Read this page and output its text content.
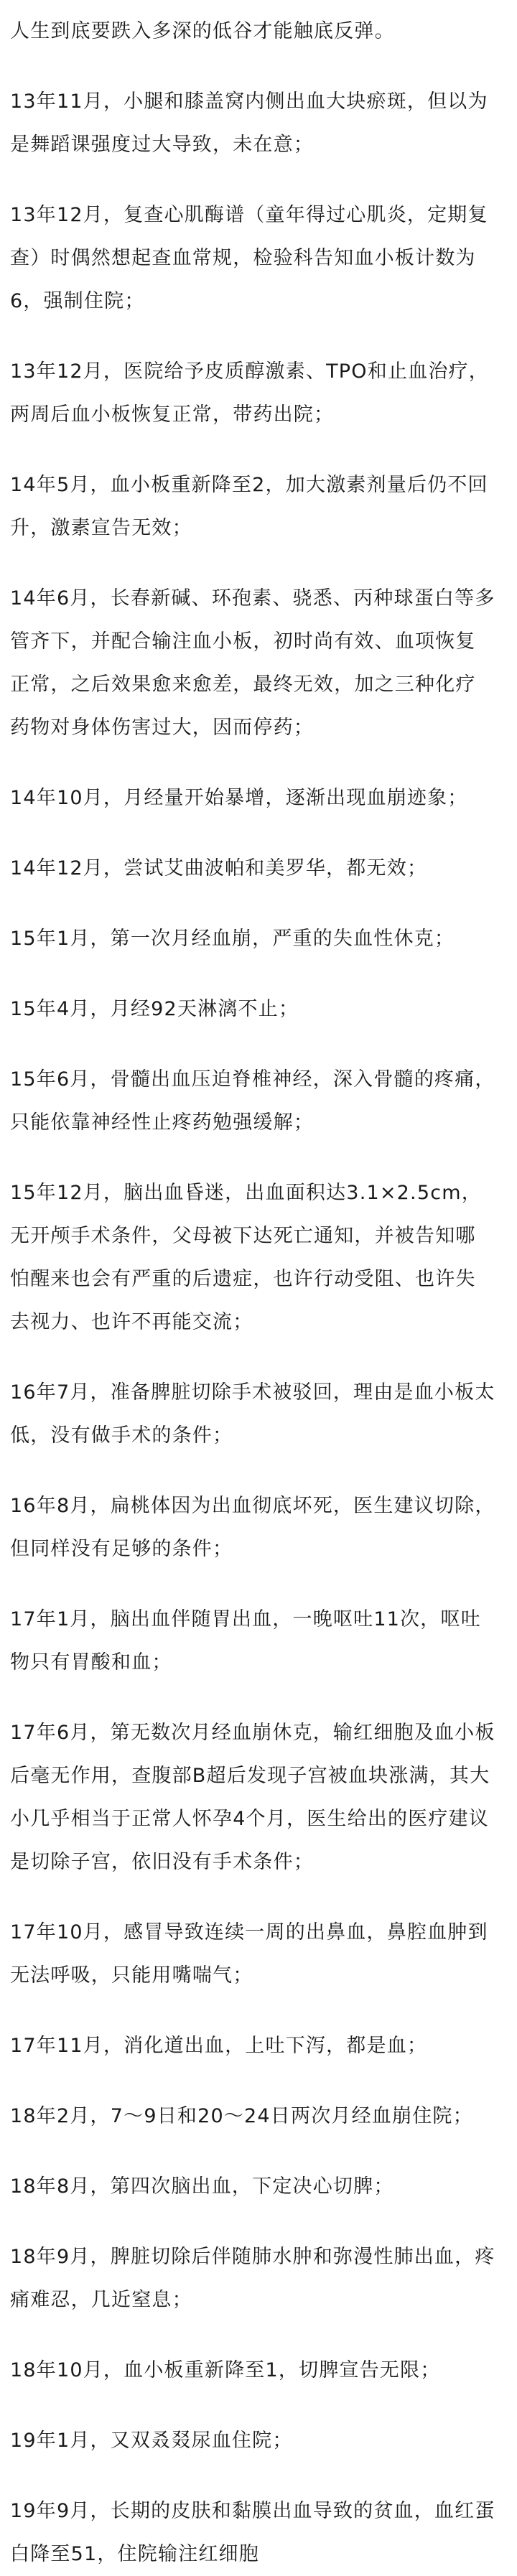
人生到底要跌入多深的低谷才能触底反弹。

13年11月，小腿和膝盖窝内侧出血大块瘀斑，但以为是舞蹈课强度过大导致，未在意；

13年12月，复查心肌酶谱（童年得过心肌炎，定期复查）时偶然想起查血常规，检验科告知血小板计数为6，强制住院；

13年12月，医院给予皮质醇激素、TPO和止血治疗，两周后血小板恢复正常，带药出院；

14年5月，血小板重新降至2，加大激素剂量后仍不回升，激素宣告无效；

14年6月，长春新碱、环孢素、骁悉、丙种球蛋白等多管齐下，并配合输注血小板，初时尚有效、血项恢复正常，之后效果愈来愈差，最终无效，加之三种化疗药物对身体伤害过大，因而停药；

14年10月，月经量开始暴增，逐渐出现血崩迹象；

14年12月，尝试艾曲波帕和美罗华，都无效；

15年1月，第一次月经血崩，严重的失血性休克；

15年4月，月经92天淋漓不止；

15年6月，骨髓出血压迫脊椎神经，深入骨髓的疼痛，只能依靠神经性止疼药勉强缓解；

15年12月，脑出血昏迷，出血面积达3.1×2.5cm，无开颅手术条件，父母被下达死亡通知，并被告知哪怕醒来也会有严重的后遗症，也许行动受阻、也许失去视力、也许不再能交流；

16年7月，准备脾脏切除手术被驳回，理由是血小板太低，没有做手术的条件；

16年8月，扁桃体因为出血彻底坏死，医生建议切除，但同样没有足够的条件；

17年1月，脑出血伴随胃出血，一晚呕吐11次，呕吐物只有胃酸和血；

17年6月，第无数次月经血崩休克，输红细胞及血小板后毫无作用，查腹部B超后发现子宫被血块涨满，其大小几乎相当于正常人怀孕4个月，医生给出的医疗建议是切除子宫，依旧没有手术条件；

17年10月，感冒导致连续一周的出鼻血，鼻腔血肿到无法呼吸，只能用嘴喘气；

17年11月，消化道出血，上吐下泻，都是血；

18年2月，7～9日和20～24日两次月经血崩住院；

18年8月，第四次脑出血，下定决心切脾；

18年9月，脾脏切除后伴随肺水肿和弥漫性肺出血，疼痛难忍，几近窒息；

18年10月，血小板重新降至1，切脾宣告无限；

19年1月，又双叒叕尿血住院；

19年9月，长期的皮肤和黏膜出血导致的贫血，血红蛋白降至51，住院输注红细胞
